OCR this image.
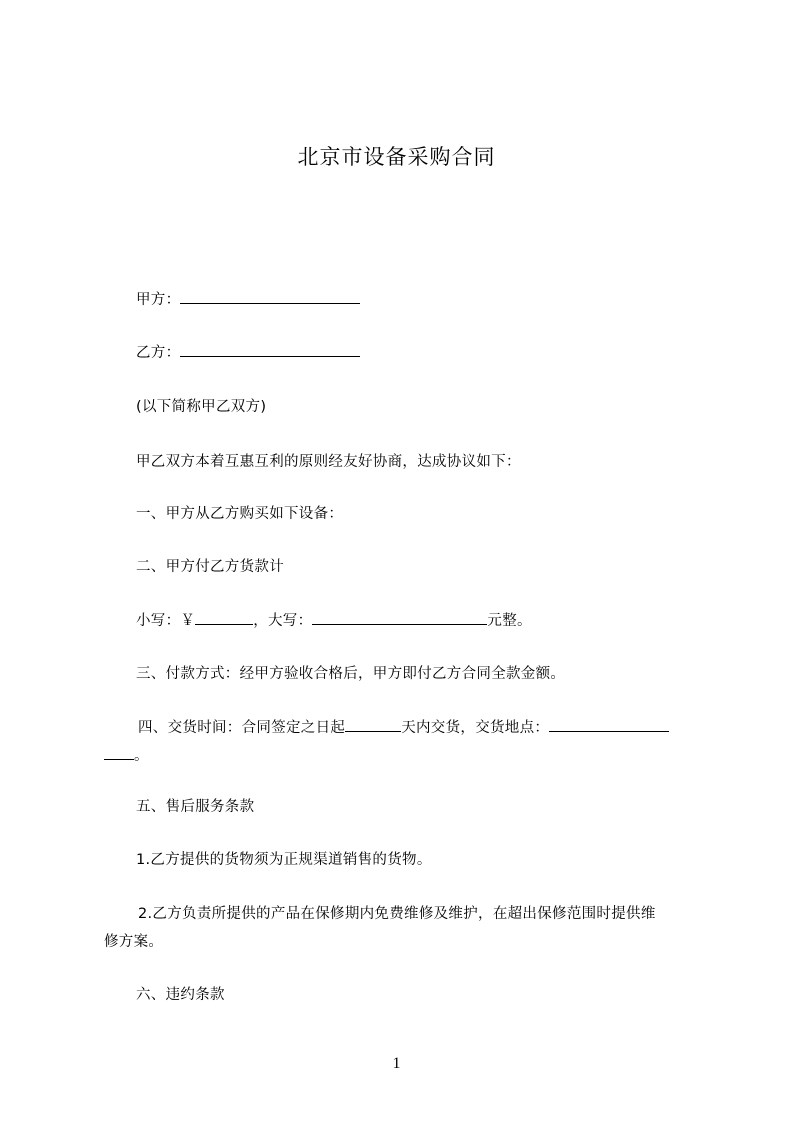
北京市设备采购合同
甲方：
乙方：
(以下简称甲乙双方)
甲乙双方本着互惠互利的原则经友好协商，达成协议如下：
一、甲方从乙方购买如下设备：
二、甲方付乙方货款计
小写：￥	，大写：	元整。
三、付款方式：经甲方验收合格后，甲方即付乙方合同全款金额。
四、交货时间：合同签定之日起	天内交货，交货地点：
。
五、售后服务条款
1.乙方提供的货物须为正规渠道销售的货物。
2.乙方负责所提供的产品在保修期内免费维修及维护，在超出保修范围时提供维
修方案。
六、违约条款
1
